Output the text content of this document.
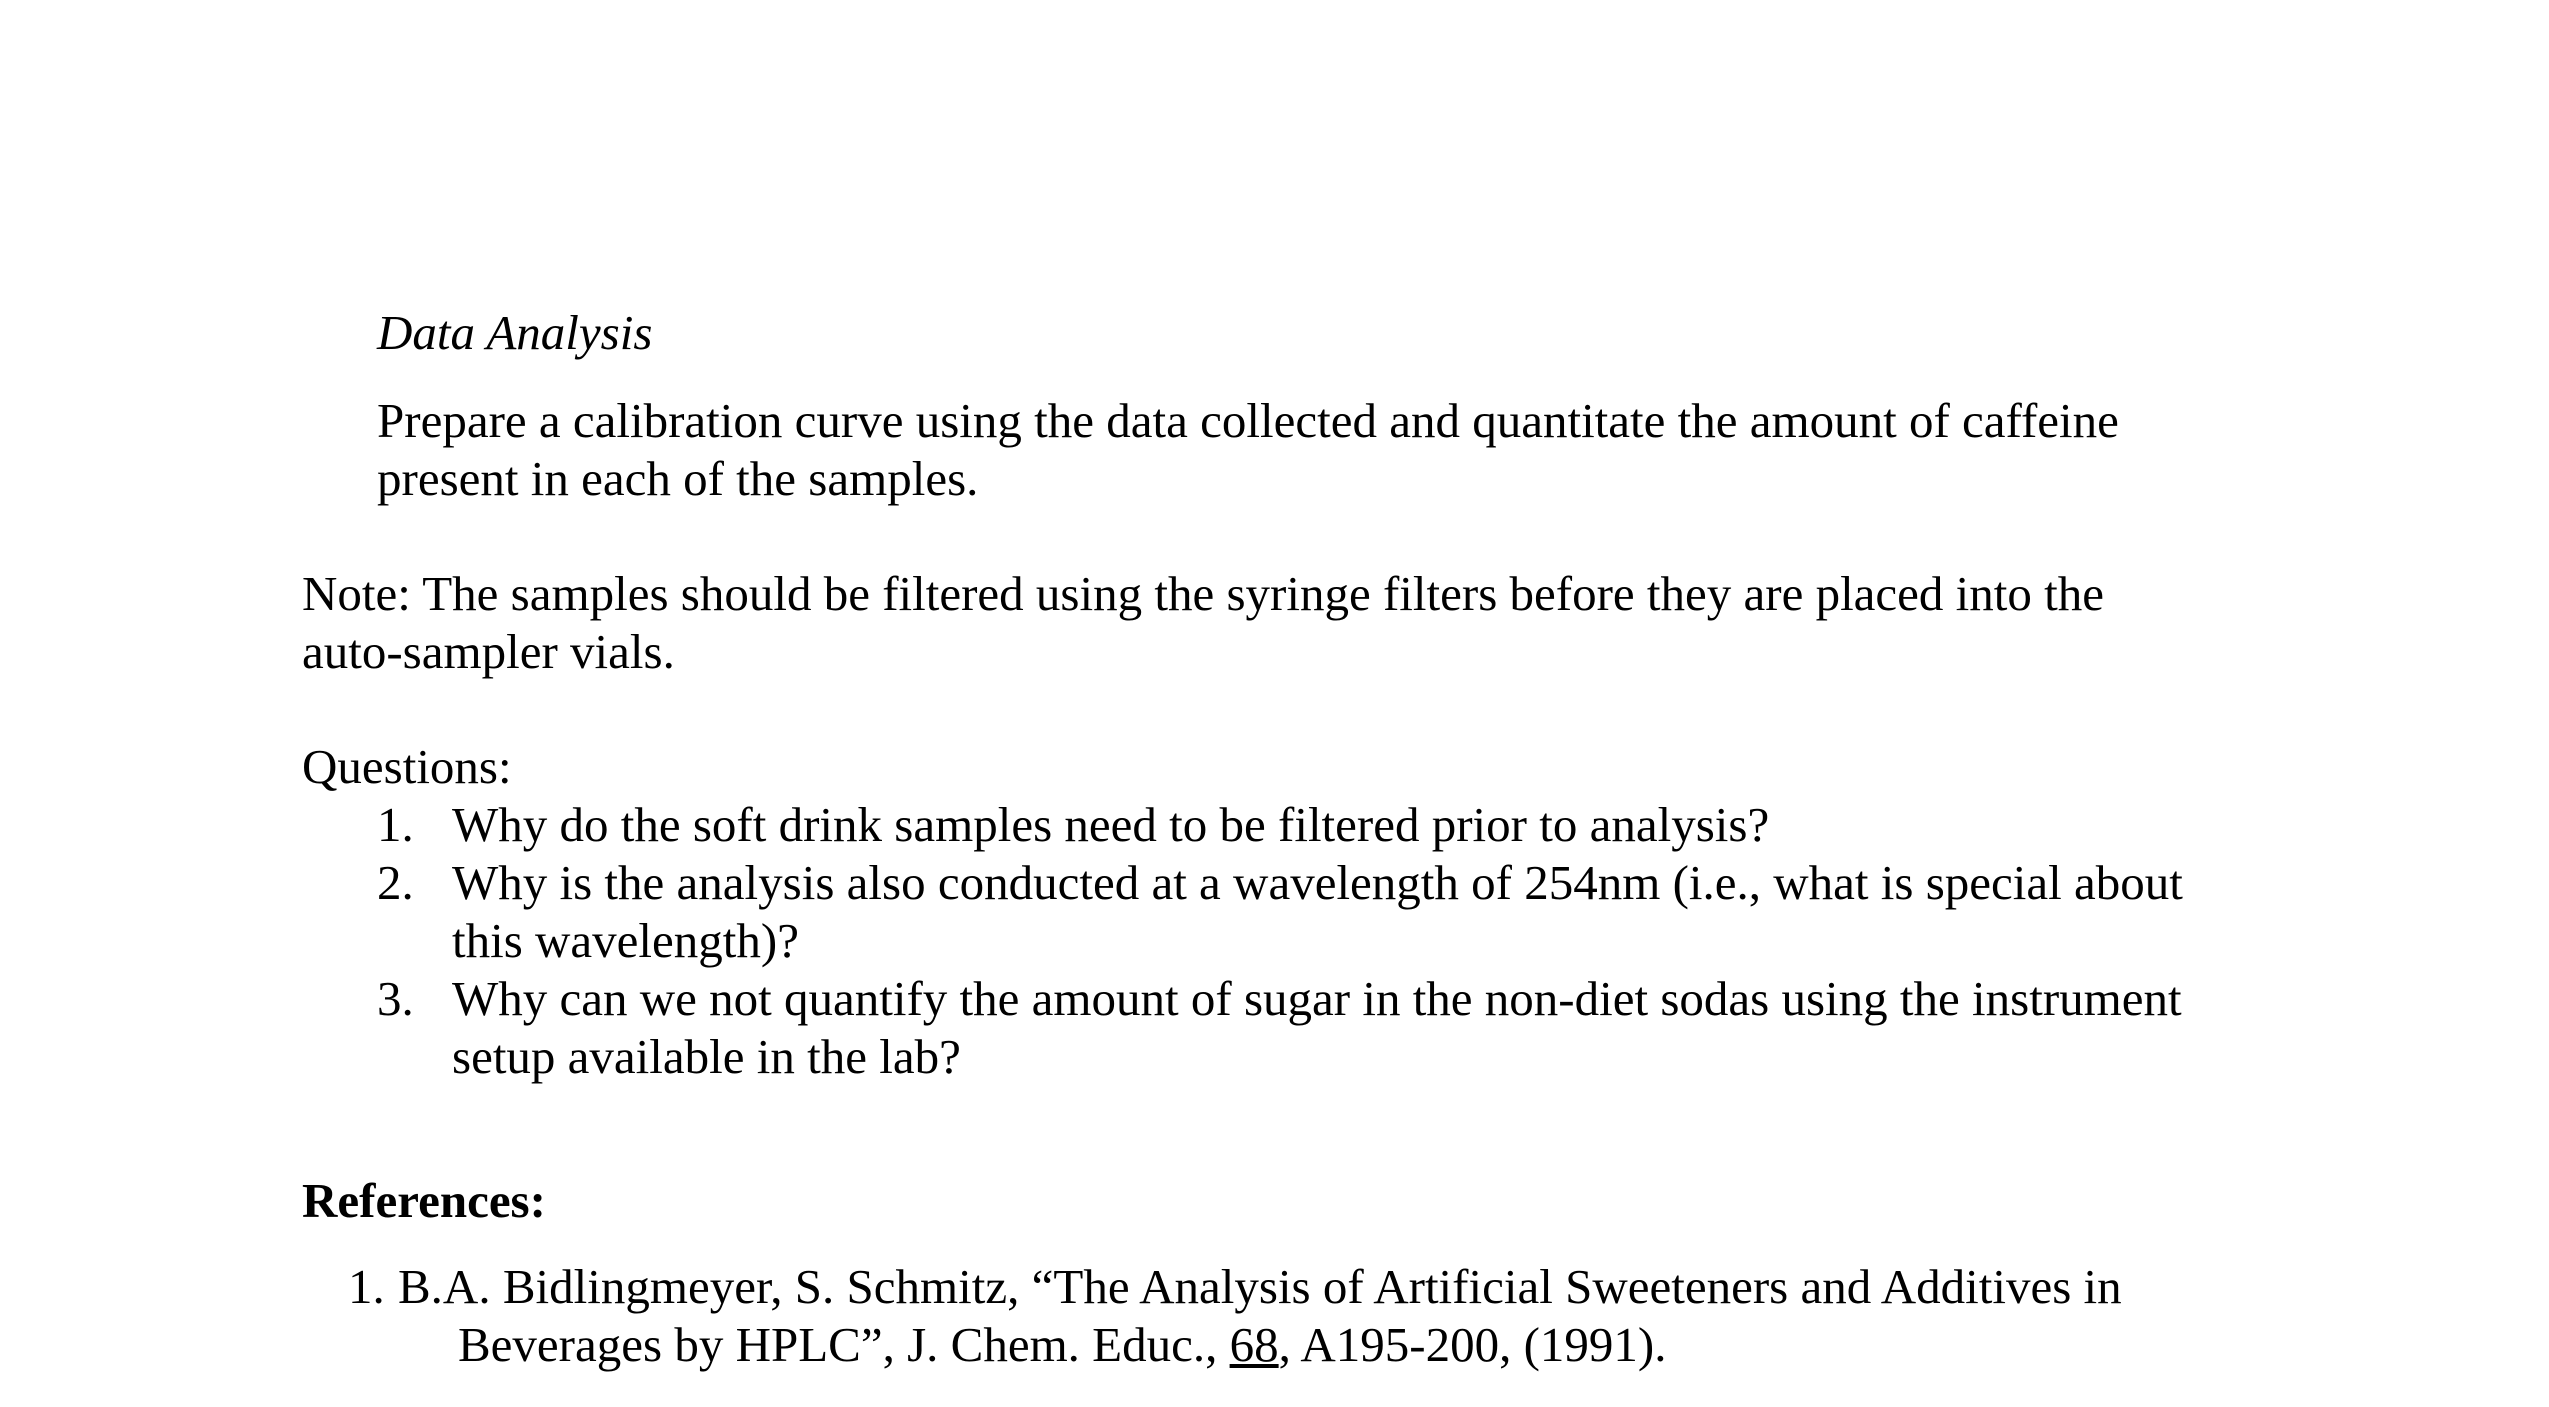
Data Analysis
Prepare a calibration curve using the data collected and quantitate the amount of caffeine
present in each of the samples.
Note: The samples should be filtered using the syringe filters before they are placed into the
auto-sampler vials.
Questions:
1. Why do the soft drink samples need to be filtered prior to analysis?
2. Why is the analysis also conducted at a wavelength of 254nm (i.e., what is special about
this wavelength)?
3. Why can we not quantify the amount of sugar in the non-diet sodas using the instrument
setup available in the lab?
References:
1. B.A. Bidlingmeyer, S. Schmitz, “The Analysis of Artificial Sweeteners and Additives in
Beverages by HPLC”, J. Chem. Educ., 68, A195-200, (1991).
